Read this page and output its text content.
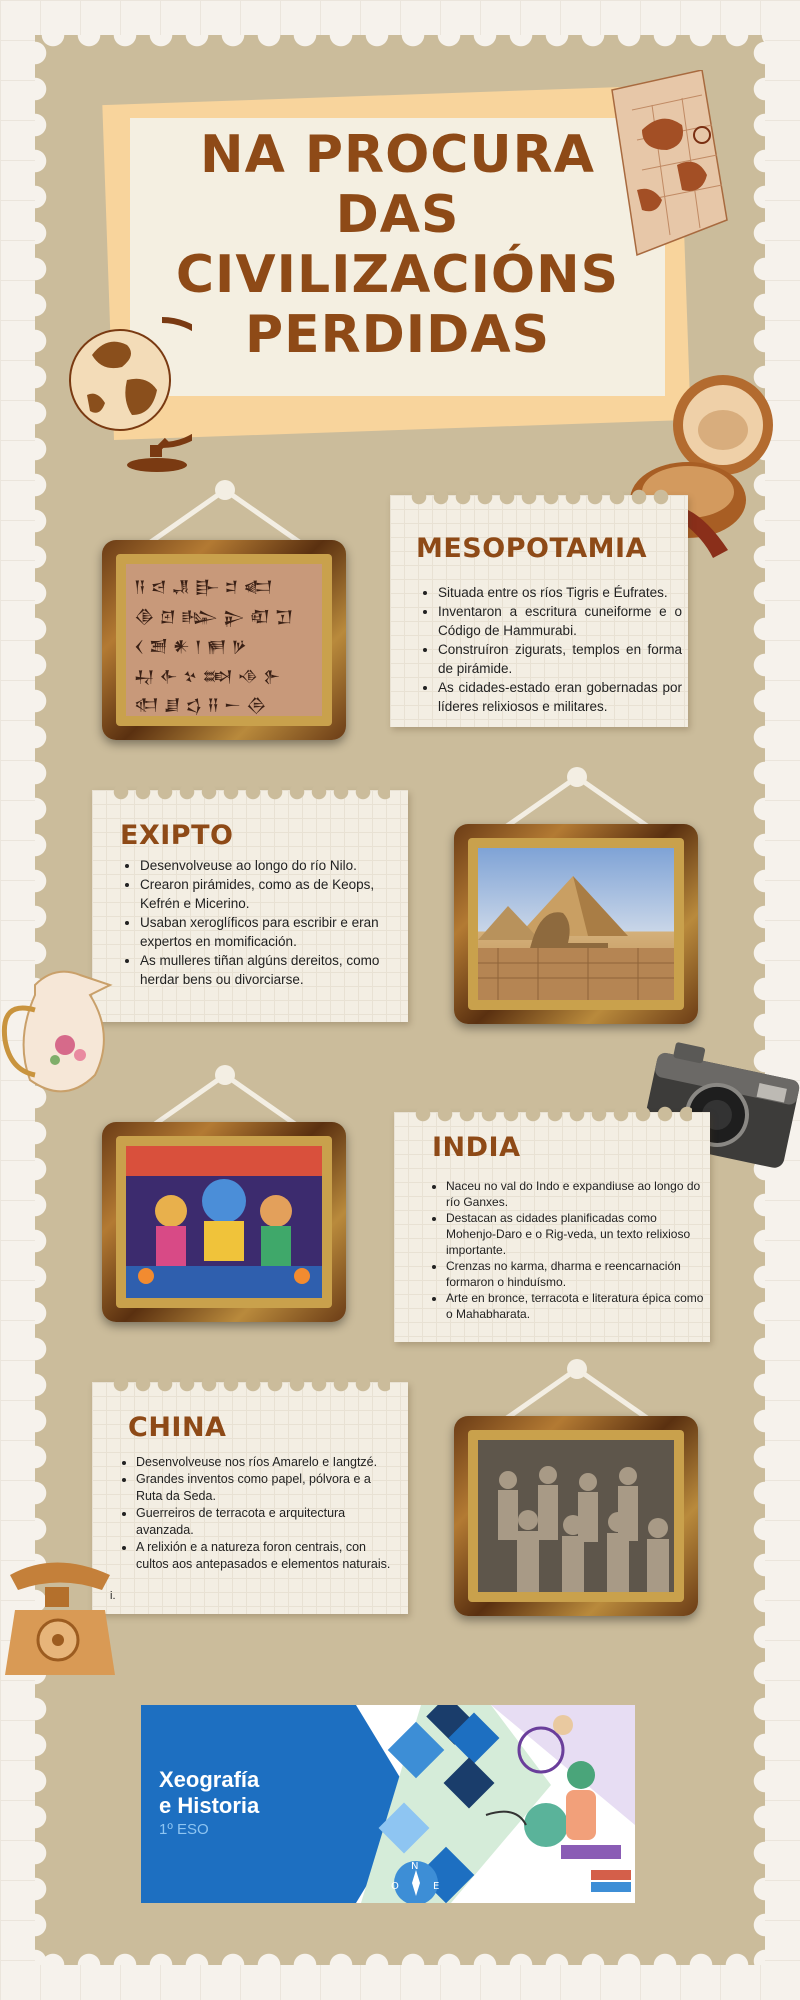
NA PROCURA
DAS
CIVILIZACIÓNS
PERDIDAS
𒀀 𒁀 𒂗 𒃲 𒄑 𒅗
𒆠 𒇻 𒈗 𒉌 𒊏 𒋛
𒌋 𒍪 𒀭 𒁹 𒂍 𒃻
𒄷 𒅆 𒆳 𒇷 𒈾 𒉿
𒊕 𒋗 𒌓 𒍝 𒀸 𒁲
MESOPOTAMIA
• Situada entre os ríos Tigris e Éufrates.
• Inventaron a escritura cuneiforme e o Código de Hammurabi.
• Construíron zigurats, templos en forma de pirámide.
• As cidades-estado eran gobernadas por líderes relixiosos e militares.
EXIPTO
• Desenvolveuse ao longo do río Nilo.
• Crearon pirámides, como as de Keops, Kefrén e Micerino.
• Usaban xeroglíficos para escribir e eran expertos en momificación.
• As mulleres tiñan algúns dereitos, como herdar bens ou divorciarse.
INDIA
• Naceu no val do Indo e expandiuse ao longo do río Ganxes.
• Destacan as cidades planificadas como Mohenjo-Daro e o Rig-veda, un texto relixioso importante.
• Crenzas no karma, dharma e reencarnación formaron o hinduísmo.
• Arte en bronce, terracota e literatura épica como o Mahabharata.
CHINA
• Desenvolveuse nos ríos Amarelo e Iangtzé.
• Grandes inventos como papel, pólvora e a Ruta da Seda.
• Guerreiros de terracota e arquitectura avanzada.
• A relixión e a natureza foron centrais, con cultos aos antepasados e elementos naturais.
i.
Xeografía
e Historia
1º ESO
N
O	E
